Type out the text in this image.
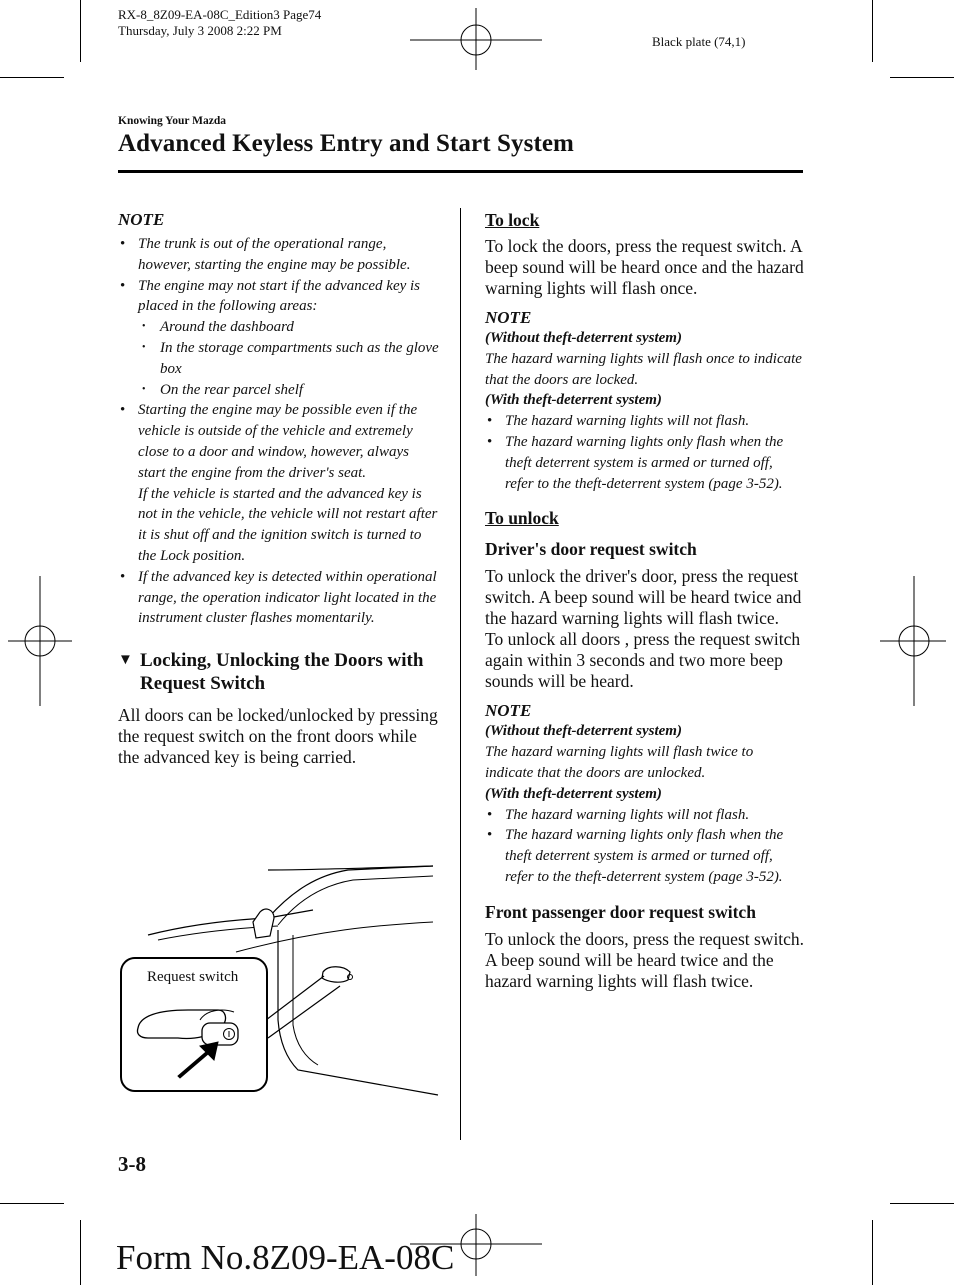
RX-8_8Z09-EA-08C_Edition3 Page74
Thursday, July 3 2008 2:22 PM
Black plate (74,1)
Knowing Your Mazda
Advanced Keyless Entry and Start System
NOTE
• The trunk is out of the operational range, however, starting the engine may be possible.
• The engine may not start if the advanced key is placed in the following areas:
• Around the dashboard
• In the storage compartments such as the glove box
• On the rear parcel shelf
• Starting the engine may be possible even if the vehicle is outside of the vehicle and extremely close to a door and window, however, always start the engine from the driver's seat.
If the vehicle is started and the advanced key is not in the vehicle, the vehicle will not restart after it is shut off and the ignition switch is turned to the Lock position.
• If the advanced key is detected within operational range, the operation indicator light located in the instrument cluster flashes momentarily.
▼ Locking, Unlocking the Doors with Request Switch
All doors can be locked/unlocked by pressing the request switch on the front doors while the advanced key is being carried.
Request switch
To lock
To lock the doors, press the request switch. A beep sound will be heard once and the hazard warning lights will flash once.
NOTE
(Without theft-deterrent system)
The hazard warning lights will flash once to indicate that the doors are locked.
(With theft-deterrent system)
• The hazard warning lights will not flash.
• The hazard warning lights only flash when the theft deterrent system is armed or turned off, refer to the theft-deterrent system (page 3-52).
To unlock
Driver's door request switch
To unlock the driver's door, press the request switch. A beep sound will be heard twice and the hazard warning lights will flash twice.
To unlock all doors , press the request switch again within 3 seconds and two more beep sounds will be heard.
NOTE
(Without theft-deterrent system)
The hazard warning lights will flash twice to indicate that the doors are unlocked.
(With theft-deterrent system)
• The hazard warning lights will not flash.
• The hazard warning lights only flash when the theft deterrent system is armed or turned off, refer to the theft-deterrent system (page 3-52).
Front passenger door request switch
To unlock the doors, press the request switch. A beep sound will be heard twice and the hazard warning lights will flash twice.
3-8
Form No.8Z09-EA-08C
